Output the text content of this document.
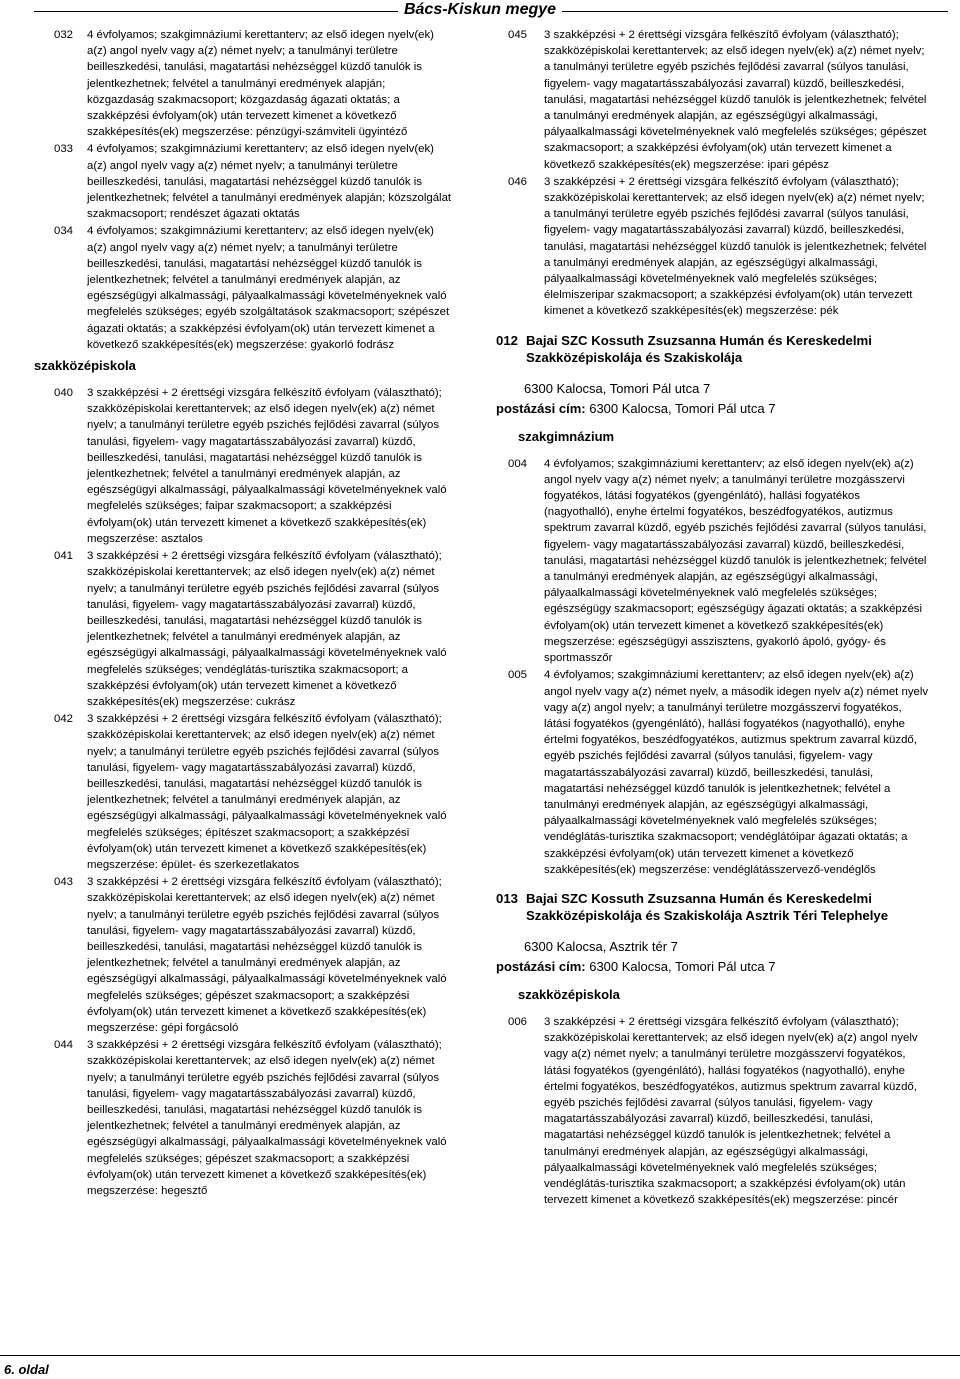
Bács-Kiskun megye
032	4 évfolyamos; szakgimnáziumi kerettanterv; az első idegen nyelv(ek) a(z) angol nyelv vagy a(z) német nyelv; a tanulmányi területre beilleszkedési, tanulási, magatartási nehézséggel küzdő tanulók is jelentkezhetnek; felvétel a tanulmányi eredmények alapján; közgazdaság szakmacsoport; közgazdaság ágazati oktatás; a szakképzési évfolyam(ok) után tervezett kimenet a következő szakképesítés(ek) megszerzése: pénzügyi-számviteli ügyintéző
033	4 évfolyamos; szakgimnáziumi kerettanterv; az első idegen nyelv(ek) a(z) angol nyelv vagy a(z) német nyelv; a tanulmányi területre beilleszkedési, tanulási, magatartási nehézséggel küzdő tanulók is jelentkezhetnek; felvétel a tanulmányi eredmények alapján; közszolgálat szakmacsoport; rendészet ágazati oktatás
034	4 évfolyamos; szakgimnáziumi kerettanterv; az első idegen nyelv(ek) a(z) angol nyelv vagy a(z) német nyelv; a tanulmányi területre beilleszkedési, tanulási, magatartási nehézséggel küzdő tanulók is jelentkezhetnek; felvétel a tanulmányi eredmények alapján, az egészségügyi alkalmassági, pályaalkalmassági követelményeknek való megfelelés szükséges; egyéb szolgáltatások szakmacsoport; szépészet ágazati oktatás; a szakképzési évfolyam(ok) után tervezett kimenet a következő szakképesítés(ek) megszerzése: gyakorló fodrász
szakközépiskola
040	3 szakképzési + 2 érettségi vizsgára felkészítő évfolyam (választható); szakközépiskolai kerettantervek; az első idegen nyelv(ek) a(z) német nyelv; a tanulmányi területre egyéb pszichés fejlődési zavarral (súlyos tanulási, figyelem- vagy magatartásszabályozási zavarral) küzdő, beilleszkedési, tanulási, magatartási nehézséggel küzdő tanulók is jelentkezhetnek; felvétel a tanulmányi eredmények alapján, az egészségügyi alkalmassági, pályaalkalmassági követelményeknek való megfelelés szükséges; faipar szakmacsoport; a szakképzési évfolyam(ok) után tervezett kimenet a következő szakképesítés(ek) megszerzése: asztalos
041	3 szakképzési + 2 érettségi vizsgára felkészítő évfolyam (választható); szakközépiskolai kerettantervek; az első idegen nyelv(ek) a(z) német nyelv; a tanulmányi területre egyéb pszichés fejlődési zavarral (súlyos tanulási, figyelem- vagy magatartásszabályozási zavarral) küzdő, beilleszkedési, tanulási, magatartási nehézséggel küzdő tanulók is jelentkezhetnek; felvétel a tanulmányi eredmények alapján, az egészségügyi alkalmassági, pályaalkalmassági követelményeknek való megfelelés szükséges; vendéglátás-turisztika szakmacsoport; a szakképzési évfolyam(ok) után tervezett kimenet a következő szakképesítés(ek) megszerzése: cukrász
042	3 szakképzési + 2 érettségi vizsgára felkészítő évfolyam (választható); szakközépiskolai kerettantervek; az első idegen nyelv(ek) a(z) német nyelv; a tanulmányi területre egyéb pszichés fejlődési zavarral (súlyos tanulási, figyelem- vagy magatartásszabályozási zavarral) küzdő, beilleszkedési, tanulási, magatartási nehézséggel küzdő tanulók is jelentkezhetnek; felvétel a tanulmányi eredmények alapján, az egészségügyi alkalmassági, pályaalkalmassági követelményeknek való megfelelés szükséges; építészet szakmacsoport; a szakképzési évfolyam(ok) után tervezett kimenet a következő szakképesítés(ek) megszerzése: épület- és szerkezetlakatos
043	3 szakképzési + 2 érettségi vizsgára felkészítő évfolyam (választható); szakközépiskolai kerettantervek; az első idegen nyelv(ek) a(z) német nyelv; a tanulmányi területre egyéb pszichés fejlődési zavarral (súlyos tanulási, figyelem- vagy magatartásszabályozási zavarral) küzdő, beilleszkedési, tanulási, magatartási nehézséggel küzdő tanulók is jelentkezhetnek; felvétel a tanulmányi eredmények alapján, az egészségügyi alkalmassági, pályaalkalmassági követelményeknek való megfelelés szükséges; gépészet szakmacsoport; a szakképzési évfolyam(ok) után tervezett kimenet a következő szakképesítés(ek) megszerzése: gépi forgácsoló
044	3 szakképzési + 2 érettségi vizsgára felkészítő évfolyam (választható); szakközépiskolai kerettantervek; az első idegen nyelv(ek) a(z) német nyelv; a tanulmányi területre egyéb pszichés fejlődési zavarral (súlyos tanulási, figyelem- vagy magatartásszabályozási zavarral) küzdő, beilleszkedési, tanulási, magatartási nehézséggel küzdő tanulók is jelentkezhetnek; felvétel a tanulmányi eredmények alapján, az egészségügyi alkalmassági, pályaalkalmassági követelményeknek való megfelelés szükséges; gépészet szakmacsoport; a szakképzési évfolyam(ok) után tervezett kimenet a következő szakképesítés(ek) megszerzése: hegesztő
045	3 szakképzési + 2 érettségi vizsgára felkészítő évfolyam (választható); szakközépiskolai kerettantervek; az első idegen nyelv(ek) a(z) német nyelv; a tanulmányi területre egyéb pszichés fejlődési zavarral (súlyos tanulási, figyelem- vagy magatartásszabályozási zavarral) küzdő, beilleszkedési, tanulási, magatartási nehézséggel küzdő tanulók is jelentkezhetnek; felvétel a tanulmányi eredmények alapján, az egészségügyi alkalmassági, pályaalkalmassági követelményeknek való megfelelés szükséges; gépészet szakmacsoport; a szakképzési évfolyam(ok) után tervezett kimenet a következő szakképesítés(ek) megszerzése: ipari gépész
046	3 szakképzési + 2 érettségi vizsgára felkészítő évfolyam (választható); szakközépiskolai kerettantervek; az első idegen nyelv(ek) a(z) német nyelv; a tanulmányi területre egyéb pszichés fejlődési zavarral (súlyos tanulási, figyelem- vagy magatartásszabályozási zavarral) küzdő, beilleszkedési, tanulási, magatartási nehézséggel küzdő tanulók is jelentkezhetnek; felvétel a tanulmányi eredmények alapján, az egészségügyi alkalmassági, pályaalkalmassági követelményeknek való megfelelés szükséges; élelmiszeripar szakmacsoport; a szakképzési évfolyam(ok) után tervezett kimenet a következő szakképesítés(ek) megszerzése: pék
012 Bajai SZC Kossuth Zsuzsanna Humán és Kereskedelmi Szakközépiskolája és Szakiskolája
6300 Kalocsa, Tomori Pál utca 7
postázási cím: 6300 Kalocsa, Tomori Pál utca 7
szakgimnázium
004	4 évfolyamos; szakgimnáziumi kerettanterv; az első idegen nyelv(ek) a(z) angol nyelv vagy a(z) német nyelv; a tanulmányi területre mozgásszervi fogyatékos, látási fogyatékos (gyengénlátó), hallási fogyatékos (nagyothalló), enyhe értelmi fogyatékos, beszédfogyatékos, autizmus spektrum zavarral küzdő, egyéb pszichés fejlődési zavarral (súlyos tanulási, figyelem- vagy magatartásszabályozási zavarral) küzdő, beilleszkedési, tanulási, magatartási nehézséggel küzdő tanulók is jelentkezhetnek; felvétel a tanulmányi eredmények alapján, az egészségügyi alkalmassági, pályaalkalmassági követelményeknek való megfelelés szükséges; egészségügy szakmacsoport; egészségügy ágazati oktatás; a szakképzési évfolyam(ok) után tervezett kimenet a következő szakképesítés(ek) megszerzése: egészségügyi asszisztens, gyakorló ápoló, gyógy- és sportmasszőr
005	4 évfolyamos; szakgimnáziumi kerettanterv; az első idegen nyelv(ek) a(z) angol nyelv vagy a(z) német nyelv, a második idegen nyelv a(z) német nyelv vagy a(z) angol nyelv; a tanulmányi területre mozgásszervi fogyatékos, látási fogyatékos (gyengénlátó), hallási fogyatékos (nagyothalló), enyhe értelmi fogyatékos, beszédfogyatékos, autizmus spektrum zavarral küzdő, egyéb pszichés fejlődési zavarral (súlyos tanulási, figyelem- vagy magatartásszabályozási zavarral) küzdő, beilleszkedési, tanulási, magatartási nehézséggel küzdő tanulók is jelentkezhetnek; felvétel a tanulmányi eredmények alapján, az egészségügyi alkalmassági, pályaalkalmassági követelményeknek való megfelelés szükséges; vendéglátás-turisztika szakmacsoport; vendéglátóipar ágazati oktatás; a szakképzési évfolyam(ok) után tervezett kimenet a következő szakképesítés(ek) megszerzése: vendéglátásszervező-vendéglős
013 Bajai SZC Kossuth Zsuzsanna Humán és Kereskedelmi Szakközépiskolája és Szakiskolája Asztrik Téri Telephelye
6300 Kalocsa, Asztrik tér 7
postázási cím: 6300 Kalocsa, Tomori Pál utca 7
szakközépiskola
006	3 szakképzési + 2 érettségi vizsgára felkészítő évfolyam (választható); szakközépiskolai kerettantervek; az első idegen nyelv(ek) a(z) angol nyelv vagy a(z) német nyelv; a tanulmányi területre mozgásszervi fogyatékos, látási fogyatékos (gyengénlátó), hallási fogyatékos (nagyothalló), enyhe értelmi fogyatékos, beszédfogyatékos, autizmus spektrum zavarral küzdő, egyéb pszichés fejlődési zavarral (súlyos tanulási, figyelem- vagy magatartásszabályozási zavarral) küzdő, beilleszkedési, tanulási, magatartási nehézséggel küzdő tanulók is jelentkezhetnek; felvétel a tanulmányi eredmények alapján, az egészségügyi alkalmassági, pályaalkalmassági követelményeknek való megfelelés szükséges; vendéglátás-turisztika szakmacsoport; a szakképzési évfolyam(ok) után tervezett kimenet a következő szakképesítés(ek) megszerzése: pincér
6. oldal
